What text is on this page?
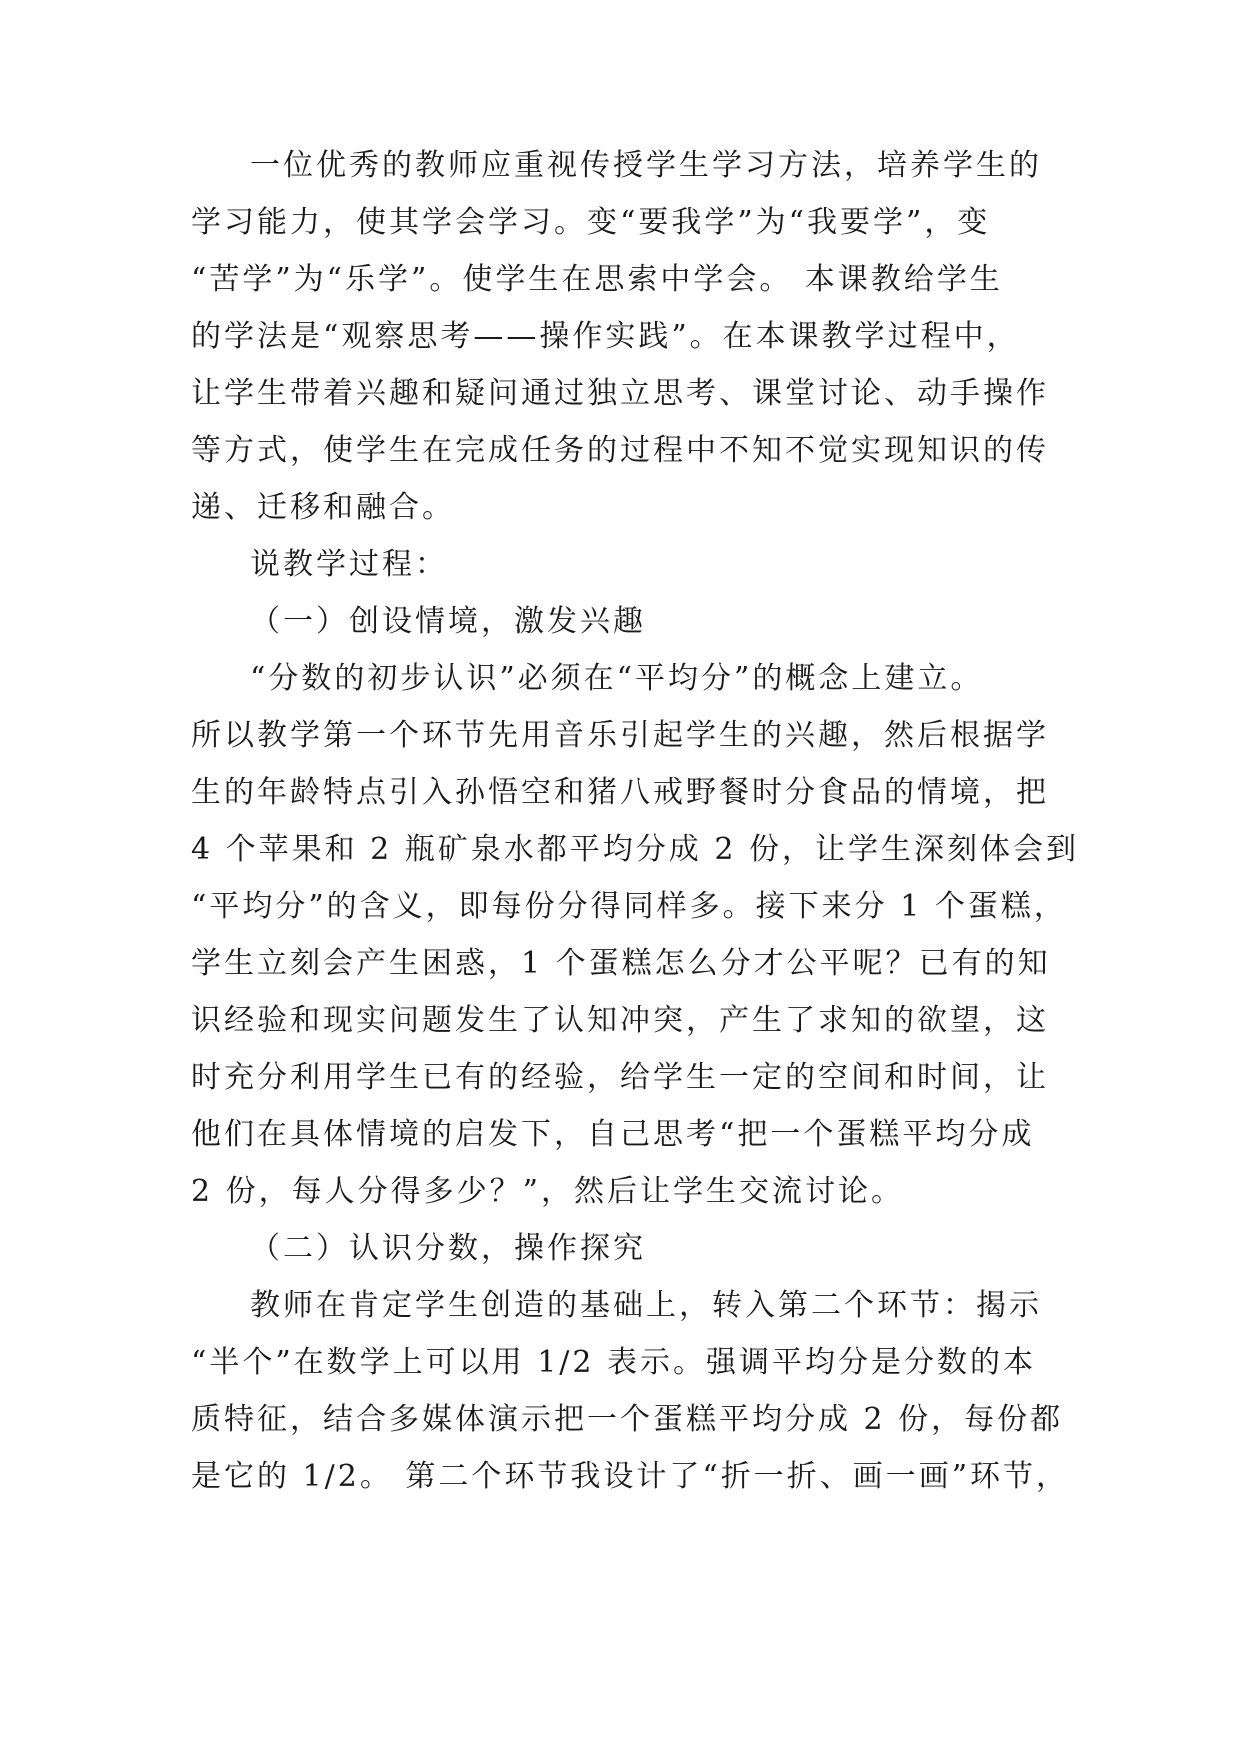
一位优秀的教师应重视传授学生学习方法，培养学生的

学习能力，使其学会学习。变“要我学”为“我要学”，变

“苦学”为“乐学”。使学生在思索中学会。 本课教给学生

的学法是“观察思考——操作实践”。在本课教学过程中，

让学生带着兴趣和疑问通过独立思考、课堂讨论、动手操作

等方式，使学生在完成任务的过程中不知不觉实现知识的传

递、迁移和融合。

说教学过程：

（一）创设情境，激发兴趣

“分数的初步认识”必须在“平均分”的概念上建立。

所以教学第一个环节先用音乐引起学生的兴趣，然后根据学

生的年龄特点引入孙悟空和猪八戒野餐时分食品的情境，把

4 个苹果和 2 瓶矿泉水都平均分成 2 份，让学生深刻体会到

“平均分”的含义，即每份分得同样多。接下来分 1 个蛋糕，

学生立刻会产生困惑，1 个蛋糕怎么分才公平呢？已有的知

识经验和现实问题发生了认知冲突，产生了求知的欲望，这

时充分利用学生已有的经验，给学生一定的空间和时间，让

他们在具体情境的启发下，自己思考“把一个蛋糕平均分成

2 份，每人分得多少？”，然后让学生交流讨论。

（二）认识分数，操作探究

教师在肯定学生创造的基础上，转入第二个环节：揭示

“半个”在数学上可以用 1/2 表示。强调平均分是分数的本

质特征，结合多媒体演示把一个蛋糕平均分成 2 份，每份都

是它的 1/2。 第二个环节我设计了“折一折、画一画”环节，
